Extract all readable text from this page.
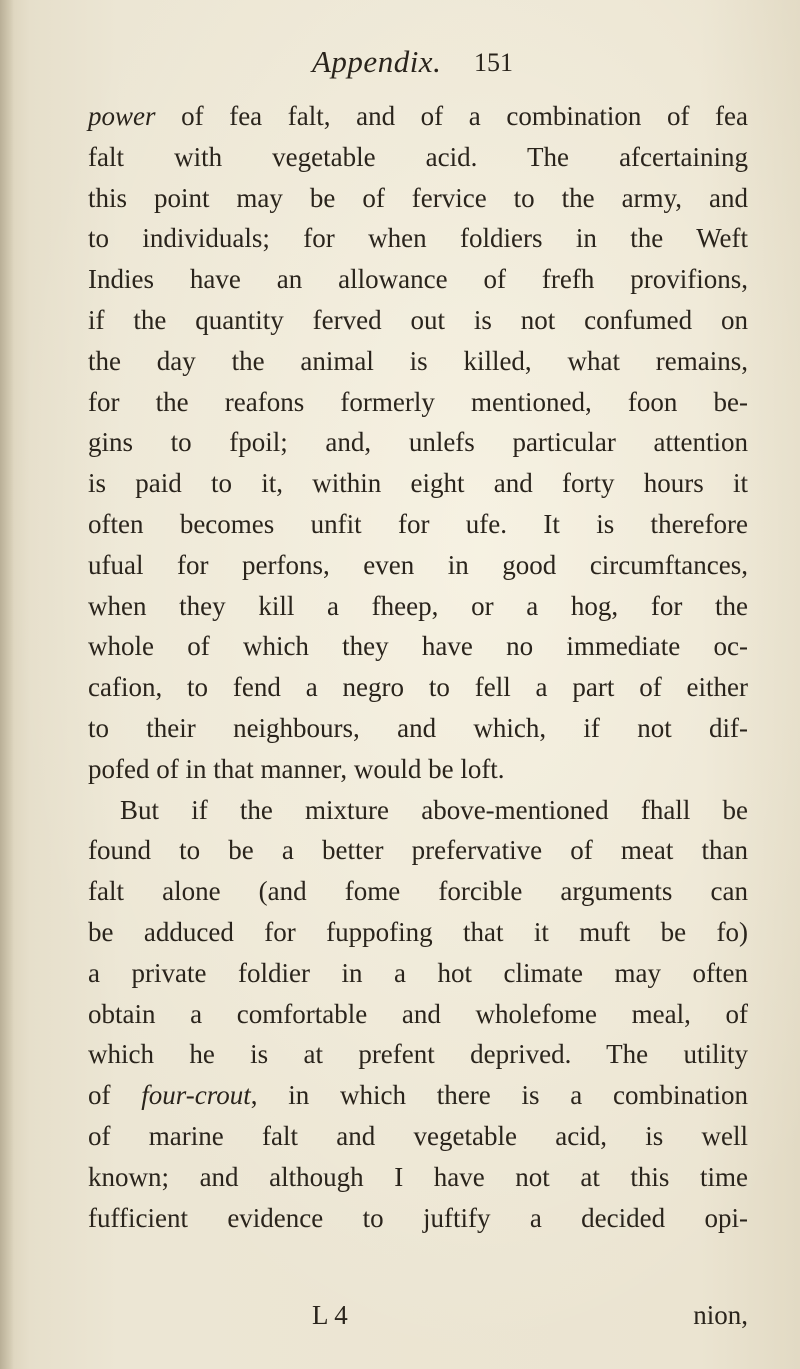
Appendix. 151
power of fea falt, and of a combination of fea
falt with vegetable acid. The afcertaining
this point may be of fervice to the army, and
to individuals; for when foldiers in the Weft
Indies have an allowance of frefh provifions,
if the quantity ferved out is not confumed on
the day the animal is killed, what remains,
for the reafons formerly mentioned, foon be-
gins to fpoil; and, unlefs particular attention
is paid to it, within eight and forty hours it
often becomes unfit for ufe. It is therefore
ufual for perfons, even in good circumftances,
when they kill a fheep, or a hog, for the
whole of which they have no immediate oc-
cafion, to fend a negro to fell a part of either
to their neighbours, and which, if not dif-
pofed of in that manner, would be loft.
But if the mixture above-mentioned fhall be
found to be a better prefervative of meat than
falt alone (and fome forcible arguments can
be adduced for fuppofing that it muft be fo)
a private foldier in a hot climate may often
obtain a comfortable and wholefome meal, of
which he is at prefent deprived. The utility
of four-crout, in which there is a combination
of marine falt and vegetable acid, is well
known; and although I have not at this time
fufficient evidence to juftify a decided opi-
L 4	nion,
